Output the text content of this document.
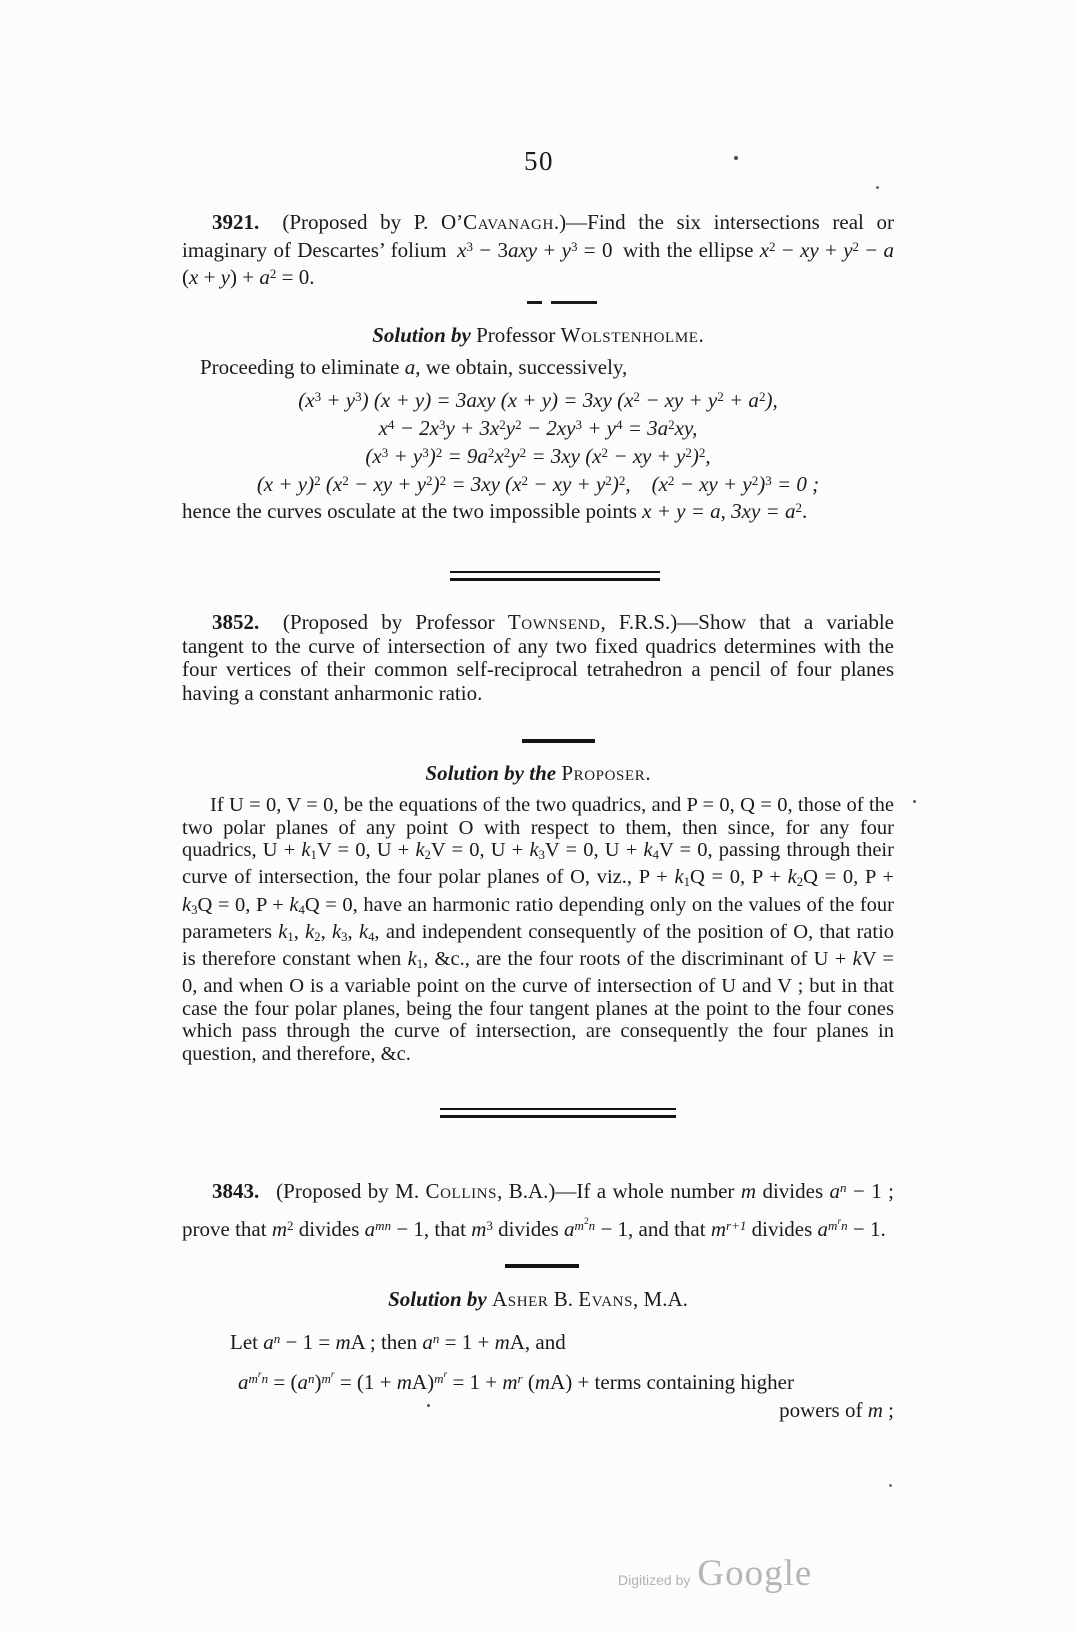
50
3921.  (Proposed by P. O’Cavanagh.)—Find the six intersections real or imaginary of Descartes’ folium $x^3 - 3axy + y^3 = 0$ with the ellipse $x^2$ − xy + $y^2 - a$ $(x + y) + a^2 = 0$.
Solution by Professor Wolstenholme.
Proceeding to eliminate a, we obtain, successively,
$(x^3 + y^3) (x + y) = 3axy$ (x + y) = 3xy ($x^2$ − xy + $y^2 + a^2$),
$x^4 - 2x^3y + 3x^2y^2 - 2xy^3 + y^4 = 3a^2xy$,
$(x^3 + y^3)^2 = 9a^2x^2y^2 = 3xy$ ($x^2$ − xy + $y^2)^2$,
$(x + y)^2$ ($x^2$ − xy + $y^2)^2 = 3xy$ ($x^2$ − xy + $y^2)^2$,  ($x^2$ − xy + $y^2)^3 = 0$ ;
hence the curves osculate at the two impossible points x + y = a, $3xy = a^2$.
3852.  (Proposed by Professor Townsend, F.R.S.)—Show that a variable tangent to the curve of intersection of any two fixed quadrics determines with the four vertices of their common self-reciprocal tetrahedron a pencil of four planes having a constant anharmonic ratio.
Solution by the Proposer.
If U = 0, V = 0, be the equations of the two quadrics, and P = 0, Q = 0, those of the two polar planes of any point O with respect to them, then since, for any four quadrics, U + k1V = 0, U + k2V = 0, U + k3V = 0, U + k4V = 0, passing through their curve of intersection, the four polar planes of O, viz., P + k1Q = 0, P + k2Q = 0, P + k3Q = 0, P + k4Q = 0, have an harmonic ratio depending only on the values of the four parameters k1, k2, k3, k4, and independent consequently of the position of O, that ratio is therefore constant when k1, &c., are the four roots of the discriminant of U + kV = 0, and when O is a variable point on the curve of intersection of U and V ; but in that case the four polar planes, being the four tangent planes at the point to the four cones which pass through the curve of intersection, are consequently the four planes in question, and therefore, &c.
3843.  (Proposed by M. Collins, B.A.)—If a whole number m divides $a^n - 1$ ; prove that $m^2$ divides $a^{mn} - 1$, that $m^3$ divides $a^{m2n} - 1$, and that $m^{r+1}$ divides $a^{mrn} - 1$.
Solution by Asher B. Evans, M.A.
Let $a^n - 1$ = mA ; then $a^n = 1$ + mA, and
$a^{mrn} = (a^n)^{mr} = (1 + mA)^{mr} = 1 + m^r$ (mA) + terms containing higher
powers of m ;
Digitized by Google
